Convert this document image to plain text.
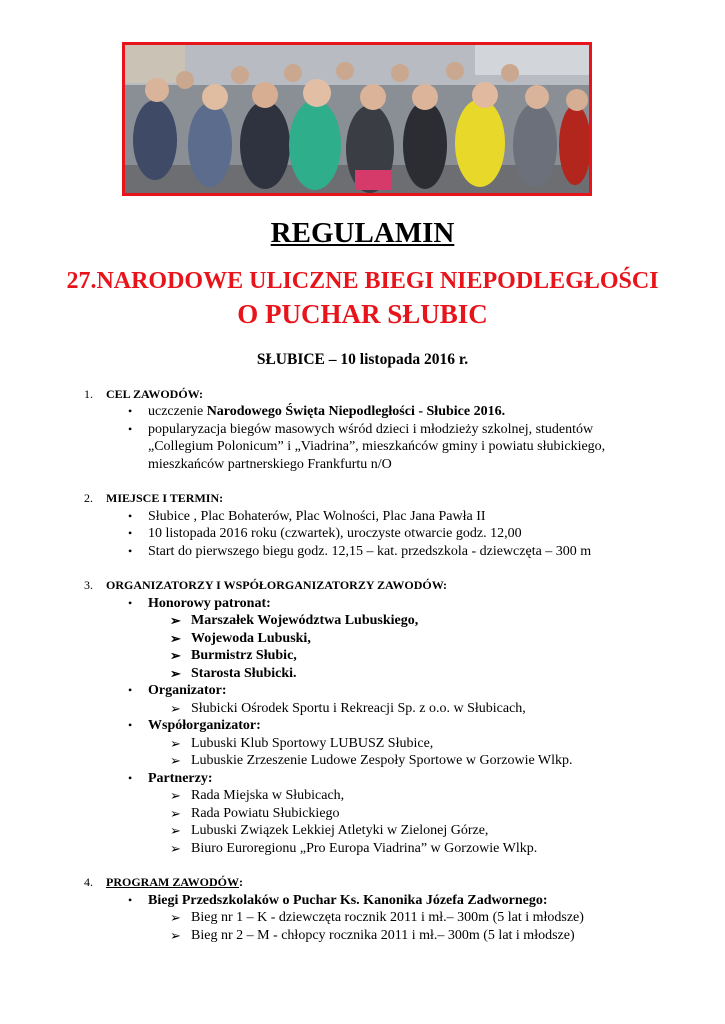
REGULAMIN
27.NARODOWE ULICZNE BIEGI NIEPODLEGŁOŚCI
O PUCHAR SŁUBIC
SŁUBICE – 10 listopada 2016 r.
1.	CEL ZAWODÓW:
• uczczenie Narodowego Święta Niepodległości - Słubice 2016.
• popularyzacja biegów masowych wśród dzieci i młodzieży szkolnej, studentów
„Collegium Polonicum” i „Viadrina”, mieszkańców gminy i powiatu słubickiego,
mieszkańców partnerskiego Frankfurtu n/O
2.	MIEJSCE I TERMIN:
• Słubice , Plac Bohaterów, Plac Wolności, Plac Jana Pawła II
• 10 listopada 2016 roku (czwartek), uroczyste otwarcie godz. 12,00
• Start do pierwszego biegu godz. 12,15 – kat. przedszkola - dziewczęta – 300 m
3.	ORGANIZATORZY I WSPÓŁORGANIZATORZY ZAWODÓW:
• Honorowy patronat:
➢ Marszałek Województwa Lubuskiego,
➢ Wojewoda Lubuski,
➢ Burmistrz Słubic,
➢ Starosta Słubicki.
• Organizator:
➢ Słubicki Ośrodek Sportu i Rekreacji Sp. z o.o. w Słubicach,
• Współorganizator:
➢ Lubuski Klub Sportowy LUBUSZ Słubice,
➢ Lubuskie Zrzeszenie Ludowe Zespoły Sportowe w Gorzowie Wlkp.
• Partnerzy:
➢ Rada Miejska w Słubicach,
➢ Rada Powiatu Słubickiego
➢ Lubuski Związek Lekkiej Atletyki w Zielonej Górze,
➢ Biuro Euroregionu „Pro Europa Viadrina” w Gorzowie Wlkp.
4.	PROGRAM ZAWODÓW :
• Biegi Przedszkolaków o Puchar Ks. Kanonika Józefa Zadwornego:
➢ Bieg nr 1 – K - dziewczęta rocznik 2011 i mł.– 300m (5 lat i młodsze)
➢ Bieg nr 2 – M - chłopcy rocznika 2011 i mł.– 300m (5 lat i młodsze)
